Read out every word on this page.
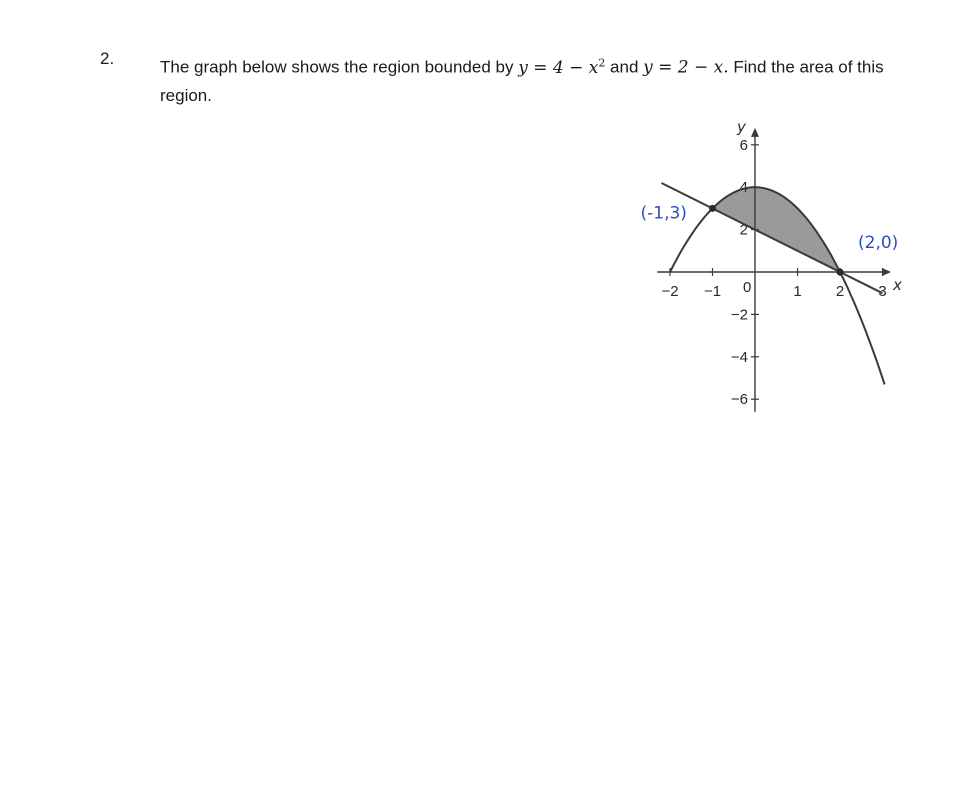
2.	The graph below shows the region bounded by $y = 4 - x^2$ and y = 2 − x. Find the area of this region.
−2 −1	1 2 3
−6
−4
−2
2
4
6
(-1,3)
(2,0)
x
y
0
